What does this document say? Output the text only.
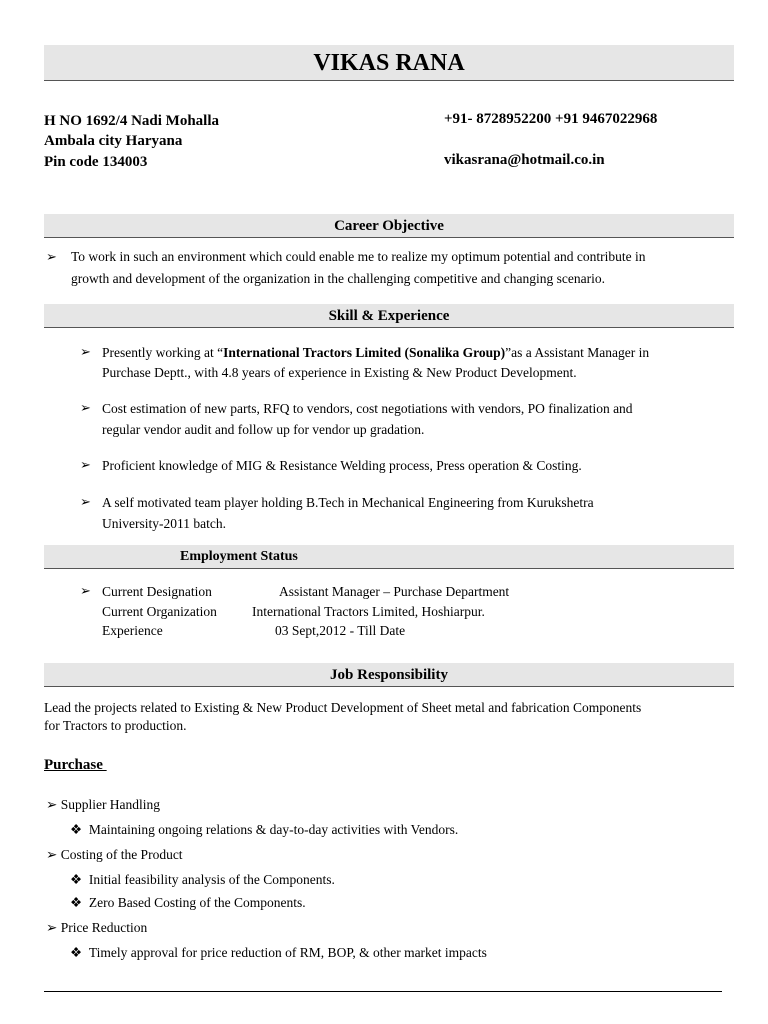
VIKAS RANA
H NO 1692/4 Nadi Mohalla
Ambala city Haryana
Pin code 134003
+91- 8728952200 +91 9467022968
vikasrana@hotmail.co.in
Career Objective
➢ To work in such an environment which could enable me to realize my optimum potential and contribute in
growth and development of the organization in the challenging competitive and changing scenario.
Skill & Experience
➢ Presently working at “International Tractors Limited (Sonalika Group)”as a Assistant Manager in
Purchase Deptt., with 4.8 years of experience in Existing & New Product Development.
➢ Cost estimation of new parts, RFQ to vendors, cost negotiations with vendors, PO finalization and
regular vendor audit and follow up for vendor up gradation.
➢ Proficient knowledge of MIG & Resistance Welding process, Press operation & Costing.
➢ A self motivated team player holding B.Tech in Mechanical Engineering from Kurukshetra
University-2011 batch.
Employment Status
➢ Current Designation	Assistant Manager – Purchase Department
Current Organization	International Tractors Limited, Hoshiarpur.
Experience	03 Sept,2012 - Till Date
Job Responsibility
Lead the projects related to Existing & New Product Development of Sheet metal and fabrication Components
for Tractors to production.
Purchase
➢ Supplier Handling
❖ Maintaining ongoing relations & day-to-day activities with Vendors.
➢ Costing of the Product
❖ Initial feasibility analysis of the Components.
❖ Zero Based Costing of the Components.
➢ Price Reduction
❖ Timely approval for price reduction of RM, BOP, & other market impacts
